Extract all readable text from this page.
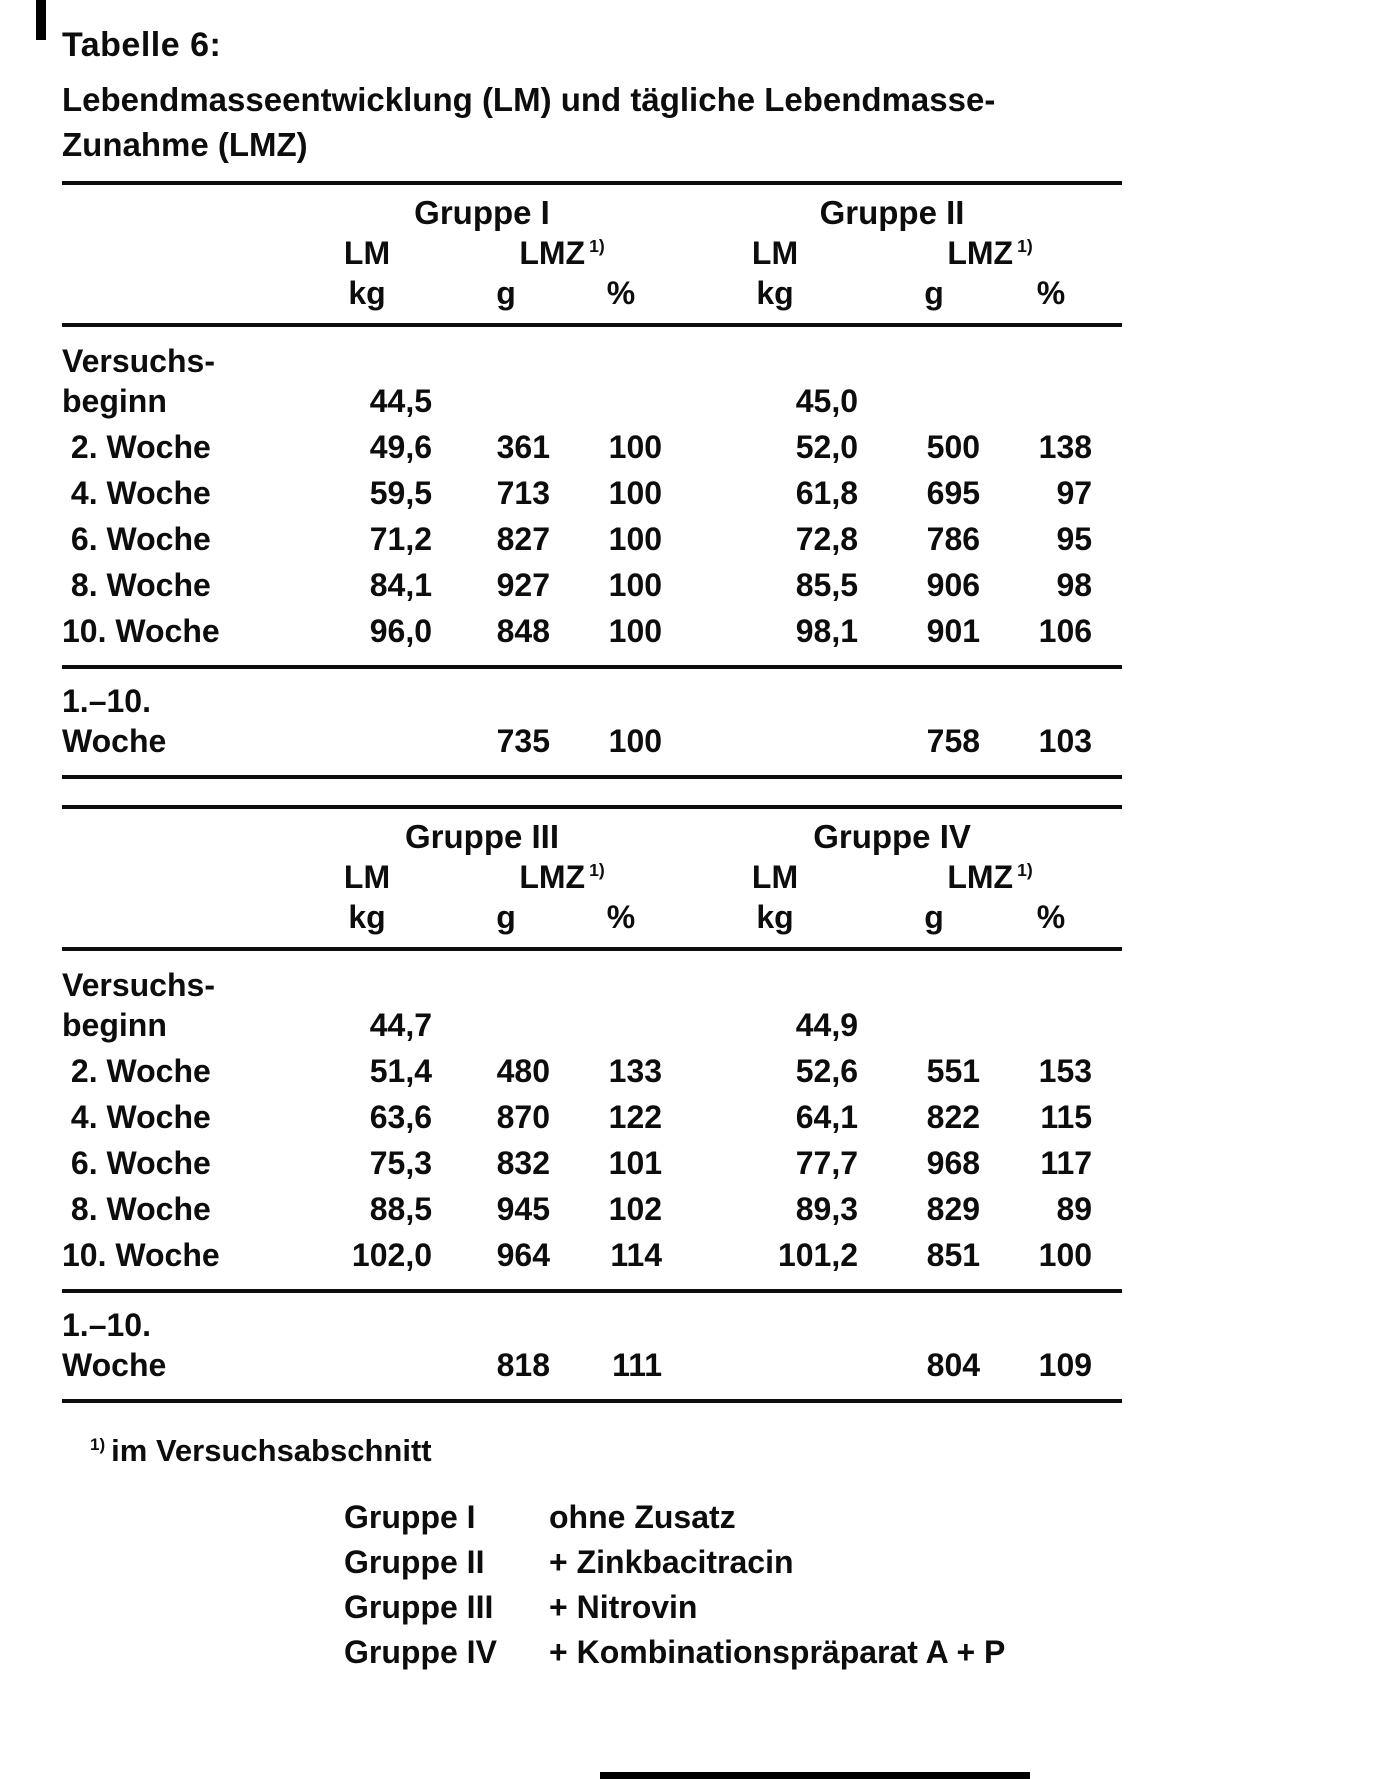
Tabelle 6:
Lebendmasseentwicklung (LM) und tägliche Lebendmasse-
Zunahme (LMZ)
	Gruppe I			Gruppe II		
	LM	LMZ $^{1)}$		LM	LMZ $^{1)}$
	kg	g	%	kg	g	%
Versuchs-
beginn	44,5			45,0		
2. Woche	49,6	361	100	52,0	500	138
4. Woche	59,5	713	100	61,8	695	97
6. Woche	71,2	827	100	72,8	786	95
8. Woche	84,1	927	100	85,5	906	98
10. Woche	96,0	848	100	98,1	901	106
1.–10.
Woche		735	100		758	103
	Gruppe III			Gruppe IV		
	LM	LMZ $^{1)}$		LM	LMZ $^{1)}$
	kg	g	%	kg	g	%
Versuchs-
beginn	44,7			44,9		
2. Woche	51,4	480	133	52,6	551	153
4. Woche	63,6	870	122	64,1	822	115
6. Woche	75,3	832	101	77,7	968	117
8. Woche	88,5	945	102	89,3	829	89
10. Woche	102,0	964	114	101,2	851	100
1.–10.
Woche		818	111		804	109
$^{1)}$ im Versuchsabschnitt
Gruppe I	ohne Zusatz
Gruppe II	+ Zinkbacitracin
Gruppe III	+ Nitrovin
Gruppe IV	+ Kombinationspräparat A + P
